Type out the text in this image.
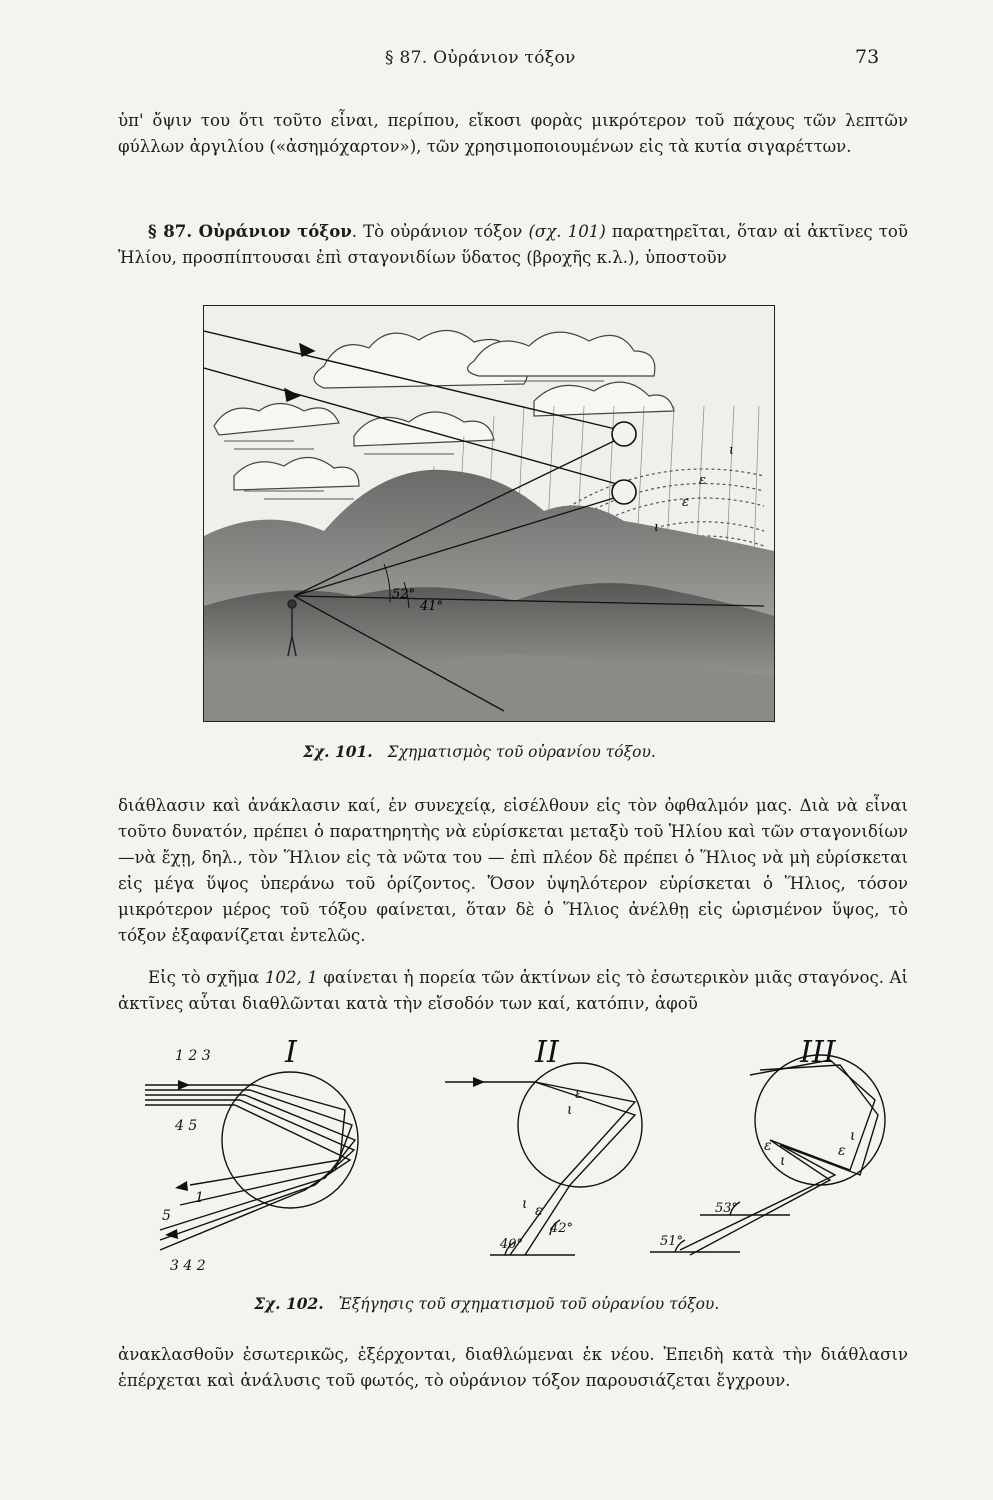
§ 87. Οὐράνιον τόξον	73

ὑπ' ὄψιν του ὅτι τοῦτο εἶναι, περίπου, εἴκοσι φορὰς μικρότερον τοῦ πάχους τῶν λεπτῶν φύλλων ἀργιλίου («ἀσημόχαρτον»), τῶν χρησιμοποιουμένων εἰς τὰ κυτία σιγαρέττων.

§ 87. Οὐράνιον τόξον. Τὸ οὐράνιον τόξον (σχ. 101) παρατηρεῖται, ὅταν αἱ ἀκτῖνες τοῦ Ἡλίου, προσπίπτουσαι ἐπὶ σταγονιδίων ὕδατος (βροχῆς κ.λ.), ὑποστοῦν

52°
41°
ι
ε
ε
ι
Σχ. 101. Σχηματισμὸς τοῦ οὐρανίου τόξου.

διάθλασιν καὶ ἀνάκλασιν καί, ἐν συνεχείᾳ, εἰσέλθουν εἰς τὸν ὀφθαλμόν μας. Διὰ νὰ εἶναι τοῦτο δυνατόν, πρέπει ὁ παρατηρητὴς νὰ εὑρίσκεται μεταξὺ τοῦ Ἡλίου καὶ τῶν σταγονιδίων—νὰ ἔχῃ, δηλ., τὸν Ἥλιον εἰς τὰ νῶτα του — ἐπὶ πλέον δὲ πρέπει ὁ Ἥλιος νὰ μὴ εὑρίσκεται εἰς μέγα ὕψος ὑπεράνω τοῦ ὁρίζοντος. Ὅσον ὑψηλότερον εὑρίσκεται ὁ Ἥλιος, τόσον μικρότερον μέρος τοῦ τόξου φαίνεται, ὅταν δὲ ὁ Ἥλιος ἀνέλθῃ εἰς ὡρισμένον ὕψος, τὸ τόξον ἐξαφανίζεται ἐντελῶς.

Εἰς τὸ σχῆμα 102, 1 φαίνεται ἡ πορεία τῶν ἀκτίνων εἰς τὸ ἐσωτερικὸν μιᾶς σταγόνος. Αἱ ἀκτῖνες αὗται διαθλῶνται κατὰ τὴν εἴσοδόν των καί, κατόπιν, ἀφοῦ

1 2 3
4 5
1
5
3 4 2
I	II	III
ε
ι
ι ε
ε
ι
ε
ι
40°
42°
51°
53°
Σχ. 102. Ἐξήγησις τοῦ σχηματισμοῦ τοῦ οὐρανίου τόξου.

ἀνακλασθοῦν ἐσωτερικῶς, ἐξέρχονται, διαθλώμεναι ἐκ νέου. Ἐπειδὴ κατὰ τὴν διάθλασιν ἐπέρχεται καὶ ἀνάλυσις τοῦ φωτός, τὸ οὐράνιον τόξον παρουσιάζεται ἔγχρουν.
